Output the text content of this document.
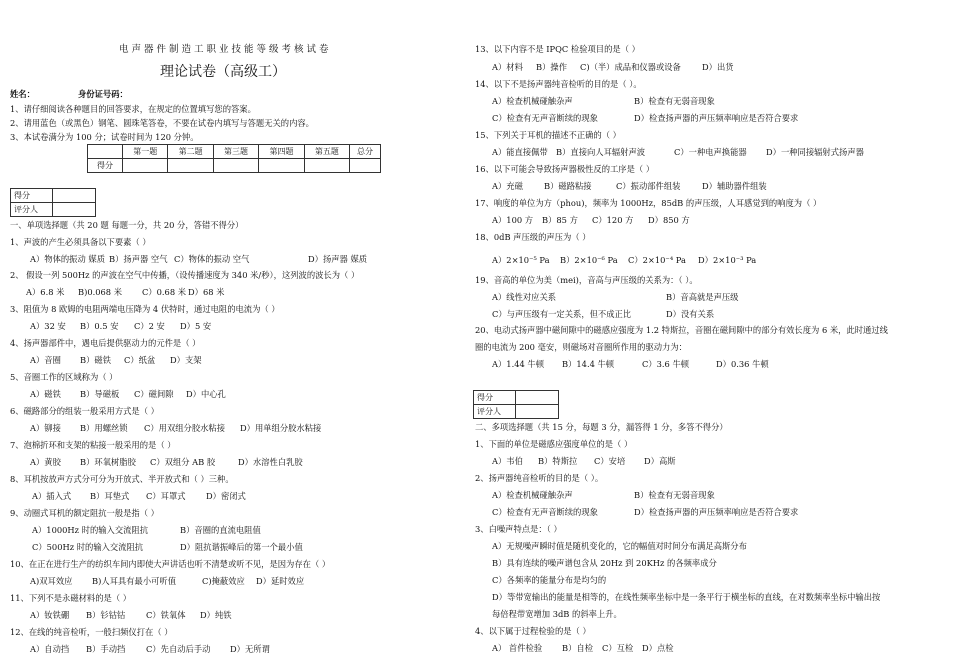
电声器件制造工职业技能等级考核试卷
理论试卷（高级工）
姓名：	身份证号码：
1、请仔细阅读各种题目的回答要求，在规定的位置填写您的答案。
2、请用蓝色（或黑色）钢笔、圆珠笔答卷，不要在试卷内填写与答题无关的内容。
3、本试卷满分为 100 分；试卷时间为 120 分钟。
	第一题	第二题	第三题	第四题	第五题	总分
得分						
得分	
评分人	
一、单项选择题（共 20 题 每题一分，共 20 分，答错不得分）
1、声波的产生必须具备以下要素（ ）
A）物体的振动 媒质 B）扬声器 空气 C）物体的振动 空气	D）扬声器 媒质
2、 假设一列 500Hz 的声波在空气中传播，（设传播速度为 340 米/秒），这列波的波长为（ ）
A）6.8 米 B)0.068 米 C）0.68 米 D）68 米
3、阻值为 8 欧姆的电阻两端电压降为 4 伏特时，通过电阻的电流为（ ）
A）32 安 B）0.5 安 C）2 安 D）5 安
4、扬声器部件中，遇电后提供驱动力的元件是（ ）
A）音圈 B）磁铁 C）纸盆 D）支架
5、音圈工作的区域称为（ ）
A）磁铁 B）导磁板 C）磁间隙 D）中心孔
6、磁路部分的组装一般采用方式是（ ）
A）铆接 B）用螺丝锁 C）用双组分胶水粘接 D）用单组分胶水粘接
7、泡棉折环和支架的粘接一般采用的是（ ）
A）黄胶 B）环氧树脂胶 C）双组分 AB 胶	D）水溶性白乳胶
8、耳机按放声方式分可分为开放式、半开放式和（ ）三种。
A）插入式 B）耳垫式 C）耳罩式 D）密闭式
9、动圈式耳机的额定阻抗一般是指（ ）
A）1000Hz 时的输入交流阻抗	B）音圈的直流电阻值
C）500Hz 时的输入交流阻抗	D）阻抗谐振峰后的第一个最小值
10、在正在进行生产的纺织车间内即使大声讲话也听不清楚或听不见，是因为存在（ ）
A)双耳效应 B)人耳具有最小可听值	C)掩蔽效应 D）延时效应
11、下列不是永磁材料的是（ ）
A）钕铁硼 B）钐钴钴 C）铁氧体 D）纯铁
12、在线的纯音检听，一般扫频仪打在（ ）
A）自动挡 B）手动挡 C）先自动后手动 D）无所谓
13、以下内容不是 IPQC 检验项目的是（ ）
A）材料 B）操作 C)（半）成品和仪器或设备	D）出货
14、以下不是扬声器纯音检听的目的是（ ）。
A）检查机械碰触杂声	B）检查有无弱音现象
C）检查有无声音断续的现象	D）检查扬声器的声压频率响应是否符合要求
15、下列关于耳机的描述不正确的（ ）
A）能直接佩带 B）直接向人耳辐射声波	C）一种电声换能器 D）一种同接辐射式扬声器
16、以下可能会导致扬声器极性反的工序是（ ）
A）充磁	B）磁路粘接	C）振动部件组装	D）辅助器件组装
17、响度的单位为方（phou)，频率为 1000Hz，85dB 的声压级，人耳感觉到的响度为（ ）
A）100 方 B）85 方 C）120 方 D）850 方
18、0dB 声压级的声压为（ ）
A）2×10⁻⁵ Pa B）2×10⁻⁶ Pa C）2×10⁻⁴ Pa D）2×10⁻³ Pa
19、音高的单位为美（mei)，音高与声压级的关系为：（ ）。
A）线性对应关系	B）音高就是声压级
C）与声压级有一定关系，但不成正比	D）没有关系
20、电动式扬声器中磁间隙中的磁感应强度为 1.2 特斯拉，音圈在磁间隙中的部分有效长度为 6 米，此时通过线
圈的电流为 200 毫安，则磁场对音圈所作用的驱动力为：
A）1.44 牛顿 B）14.4 牛顿	C）3.6 牛顿	D）0.36 牛顿
得分	
评分人	
二、多项选择题（共 15 分，每题 3 分，漏答得 1 分，多答不得分）
1、下面的单位是磁感应强度单位的是（ ）
A）韦伯 B）特斯拉 C）安培 D）高斯
2、扬声器纯音检听的目的是（ ）。
A）检查机械碰触杂声	B）检查有无弱音现象
C）检查有无声音断续的现象	D）检查扬声器的声压频率响应是否符合要求
3、白噪声特点是：（ ）
A）无规噪声瞬时值是随机变化的，它的幅值对时间分布满足高斯分布
B）具有连续的噪声谱包含从 20Hz 到 20KHz 的各频率成分
C）各频率的能量分布是均匀的
D）等带宽输出的能量是相等的，在线性频率坐标中是一条平行于横坐标的直线，在对数频率坐标中输出按
每倍程带宽增加 3dB 的斜率上升。
4、以下属于过程检验的是（ ）
A） 首件检验 B）自检 C）互检 D）点检
